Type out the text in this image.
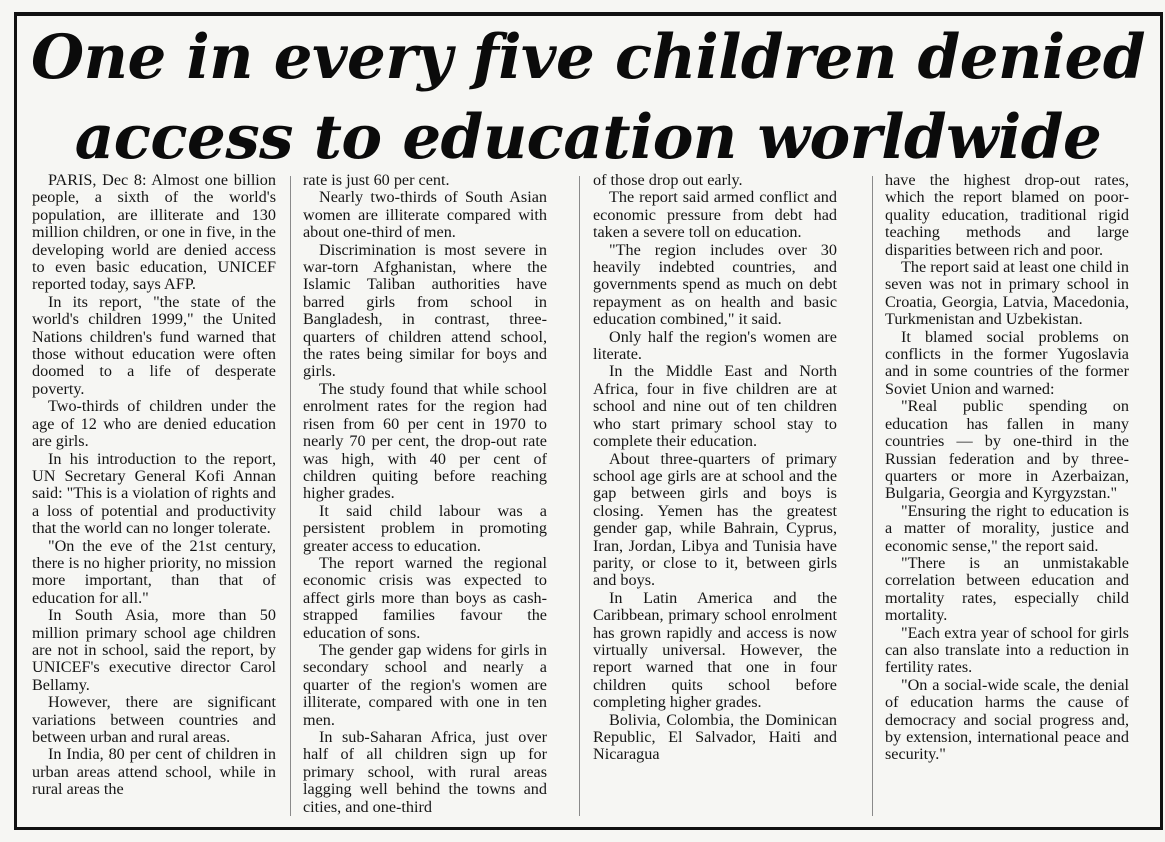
One in every five children denied
access to education worldwide

PARIS, Dec 8: Almost one billion people, a sixth of the world's population, are illiterate and 130 million children, or one in five, in the developing world are denied access to even basic education, UNICEF reported today, says AFP.

In its report, "the state of the world's children 1999," the United Nations children's fund warned that those without education were often doomed to a life of desperate poverty.

Two-thirds of children under the age of 12 who are denied education are girls.

In his introduction to the report, UN Secretary General Kofi Annan said: "This is a violation of rights and a loss of potential and productivity that the world can no longer tolerate.

"On the eve of the 21st century, there is no higher priority, no mission more important, than that of education for all."

In South Asia, more than 50 million primary school age children are not in school, said the report, by UNICEF's executive director Carol Bellamy.

However, there are significant variations between countries and between urban and rural areas.

In India, 80 per cent of children in urban areas attend school, while in rural areas the

rate is just 60 per cent.

Nearly two-thirds of South Asian women are illiterate compared with about one-third of men.

Discrimination is most severe in war-torn Afghanistan, where the Islamic Taliban authorities have barred girls from school in Bangladesh, in contrast, three-quarters of children attend school, the rates being similar for boys and girls.

The study found that while school enrolment rates for the region had risen from 60 per cent in 1970 to nearly 70 per cent, the drop-out rate was high, with 40 per cent of children quiting before reaching higher grades.

It said child labour was a persistent problem in promoting greater access to education.

The report warned the regional economic crisis was expected to affect girls more than boys as cash-strapped families favour the education of sons.

The gender gap widens for girls in secondary school and nearly a quarter of the region's women are illiterate, compared with one in ten men.

In sub-Saharan Africa, just over half of all children sign up for primary school, with rural areas lagging well behind the towns and cities, and one-third

of those drop out early.

The report said armed conflict and economic pressure from debt had taken a severe toll on education.

"The region includes over 30 heavily indebted countries, and governments spend as much on debt repayment as on health and basic education combined," it said.

Only half the region's women are literate.

In the Middle East and North Africa, four in five children are at school and nine out of ten children who start primary school stay to complete their education.

About three-quarters of primary school age girls are at school and the gap between girls and boys is closing. Yemen has the greatest gender gap, while Bahrain, Cyprus, Iran, Jordan, Libya and Tunisia have parity, or close to it, between girls and boys.

In Latin America and the Caribbean, primary school enrolment has grown rapidly and access is now virtually universal. However, the report warned that one in four children quits school before completing higher grades.

Bolivia, Colombia, the Dominican Republic, El Salvador, Haiti and Nicaragua

have the highest drop-out rates, which the report blamed on poor-quality education, traditional rigid teaching methods and large disparities between rich and poor.

The report said at least one child in seven was not in primary school in Croatia, Georgia, Latvia, Macedonia, Turkmenistan and Uzbekistan.

It blamed social problems on conflicts in the former Yugoslavia and in some countries of the former Soviet Union and warned:

"Real public spending on education has fallen in many countries — by one-third in the Russian federation and by three-quarters or more in Azerbaizan, Bulgaria, Georgia and Kyrgyzstan."

"Ensuring the right to education is a matter of morality, justice and economic sense," the report said.

"There is an unmistakable correlation between education and mortality rates, especially child mortality.

"Each extra year of school for girls can also translate into a reduction in fertility rates.

"On a social-wide scale, the denial of education harms the cause of democracy and social progress and, by extension, international peace and security."
